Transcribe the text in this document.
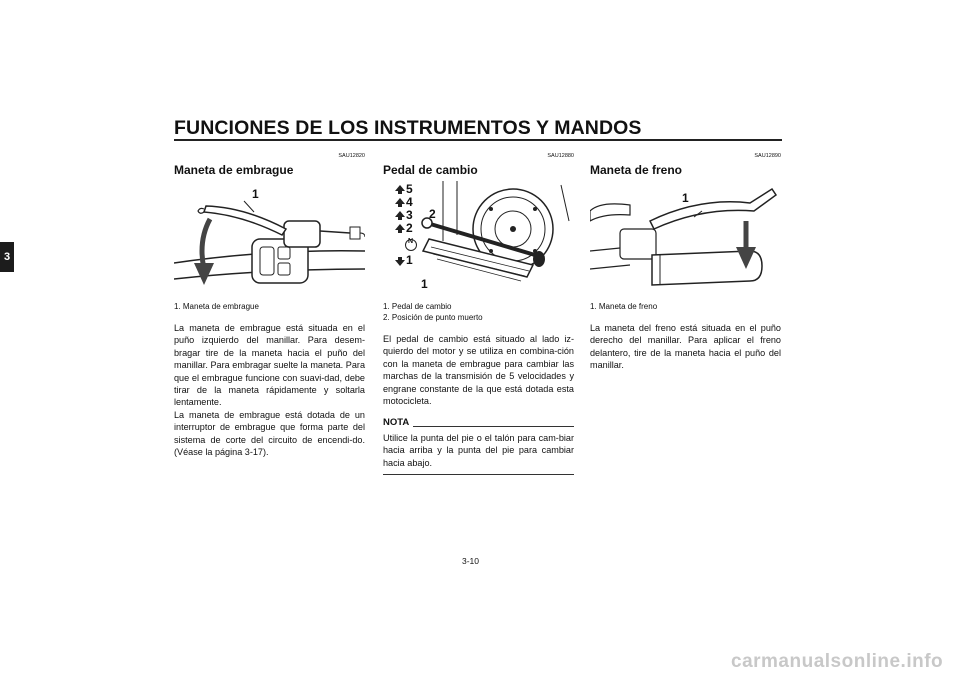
FUNCIONES DE LOS INSTRUMENTOS Y MANDOS
3
SAU12820
Maneta de embrague
1
1. Maneta de embrague

La maneta de embrague está situada en el puño izquierdo del manillar. Para desem-bragar tire de la maneta hacia el puño del manillar. Para embragar suelte la maneta. Para que el embrague funcione con suavi-dad, debe tirar de la maneta rápidamente y soltarla lentamente.

La maneta de embrague está dotada de un interruptor de embrague que forma parte del sistema de corte del circuito de encendi-do. (Véase la página 3-17).

SAU12880
Pedal de cambio
5
4
3
2
N
1
2
1
1. Pedal de cambio
2. Posición de punto muerto

El pedal de cambio está situado al lado iz-quierdo del motor y se utiliza en combina-ción con la maneta de embrague para cambiar las marchas de la transmisión de 5 velocidades y engrane constante de la que está dotada esta motocicleta.

NOTA
Utilice la punta del pie o el talón para cam-biar hacia arriba y la punta del pie para cambiar hacia abajo.
SAU12890
Maneta de freno
1
1. Maneta de freno

La maneta del freno está situada en el puño derecho del manillar. Para aplicar el freno delantero, tire de la maneta hacia el puño del manillar.

3-10
carmanualsonline.info
